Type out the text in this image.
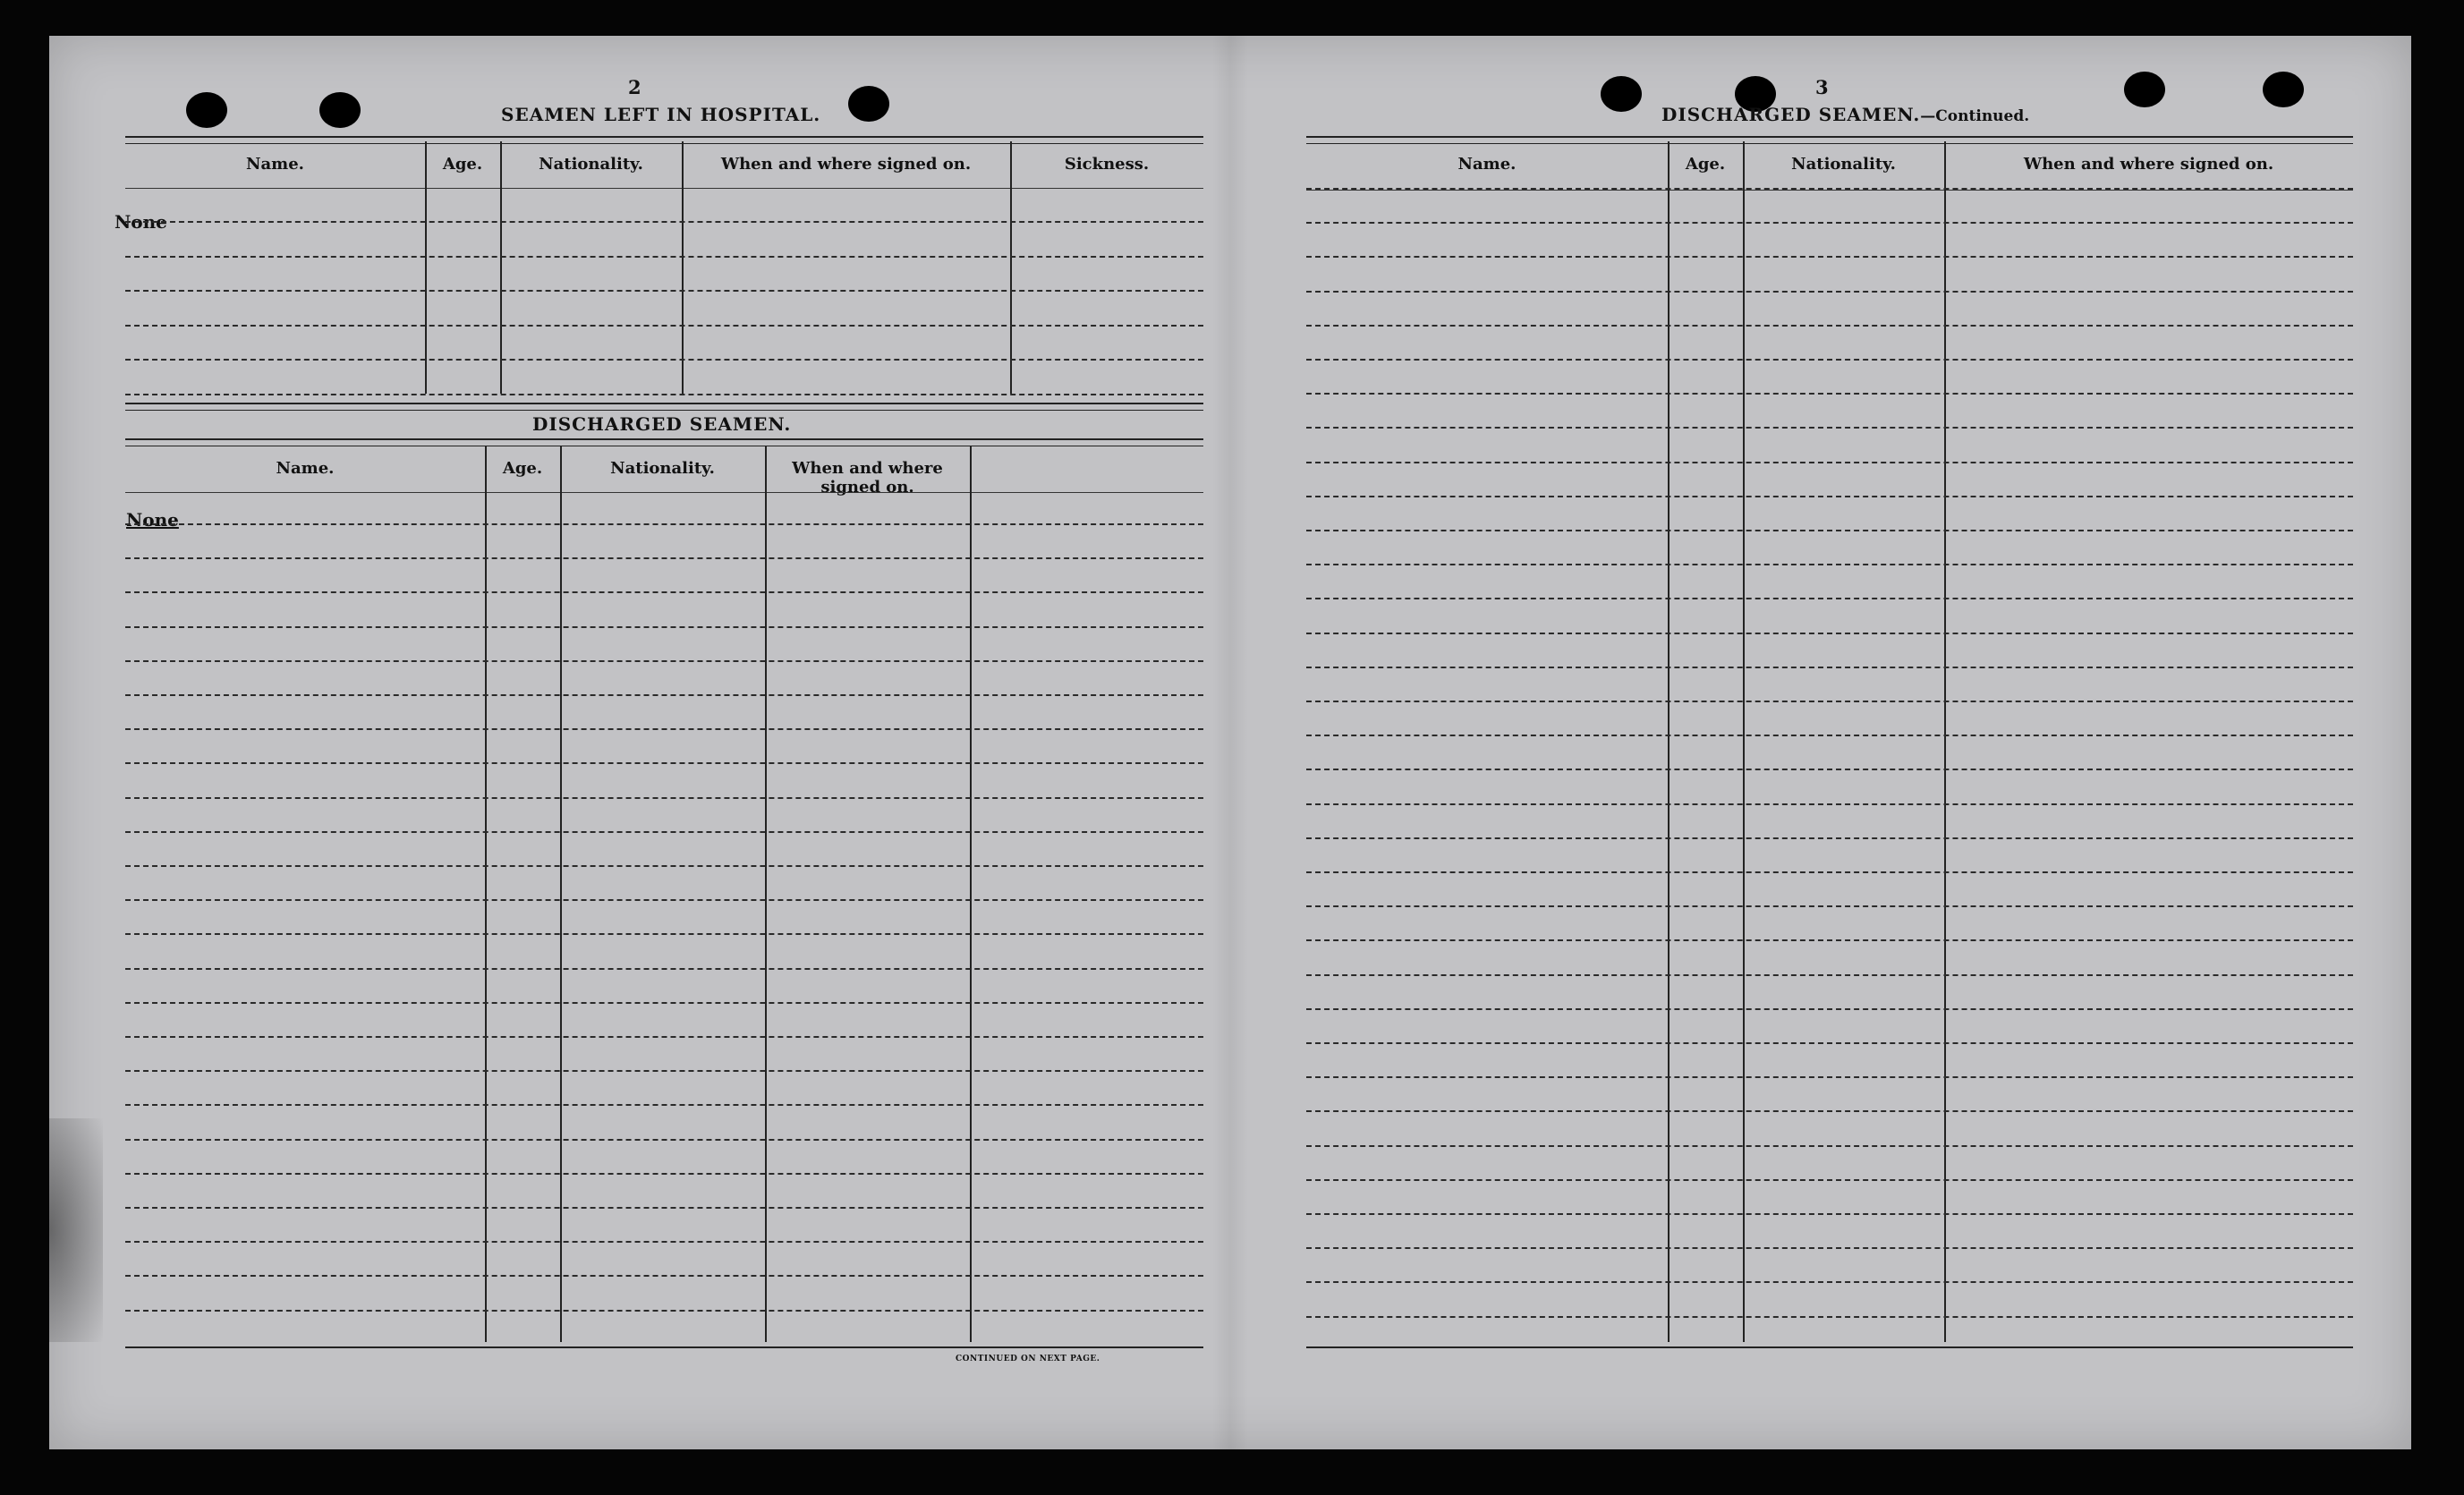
2
SEAMEN LEFT IN HOSPITAL.
None
DISCHARGED SEAMEN.
None
CONTINUED ON NEXT PAGE.
3
DISCHARGED SEAMEN.—Continued.
Name.	Age.	Nationality.	When and where signed on.	Sickness.
Name.	Age.	Nationality.	When and where signed on.
Name.	Age.	Nationality.	When and where signed on.
